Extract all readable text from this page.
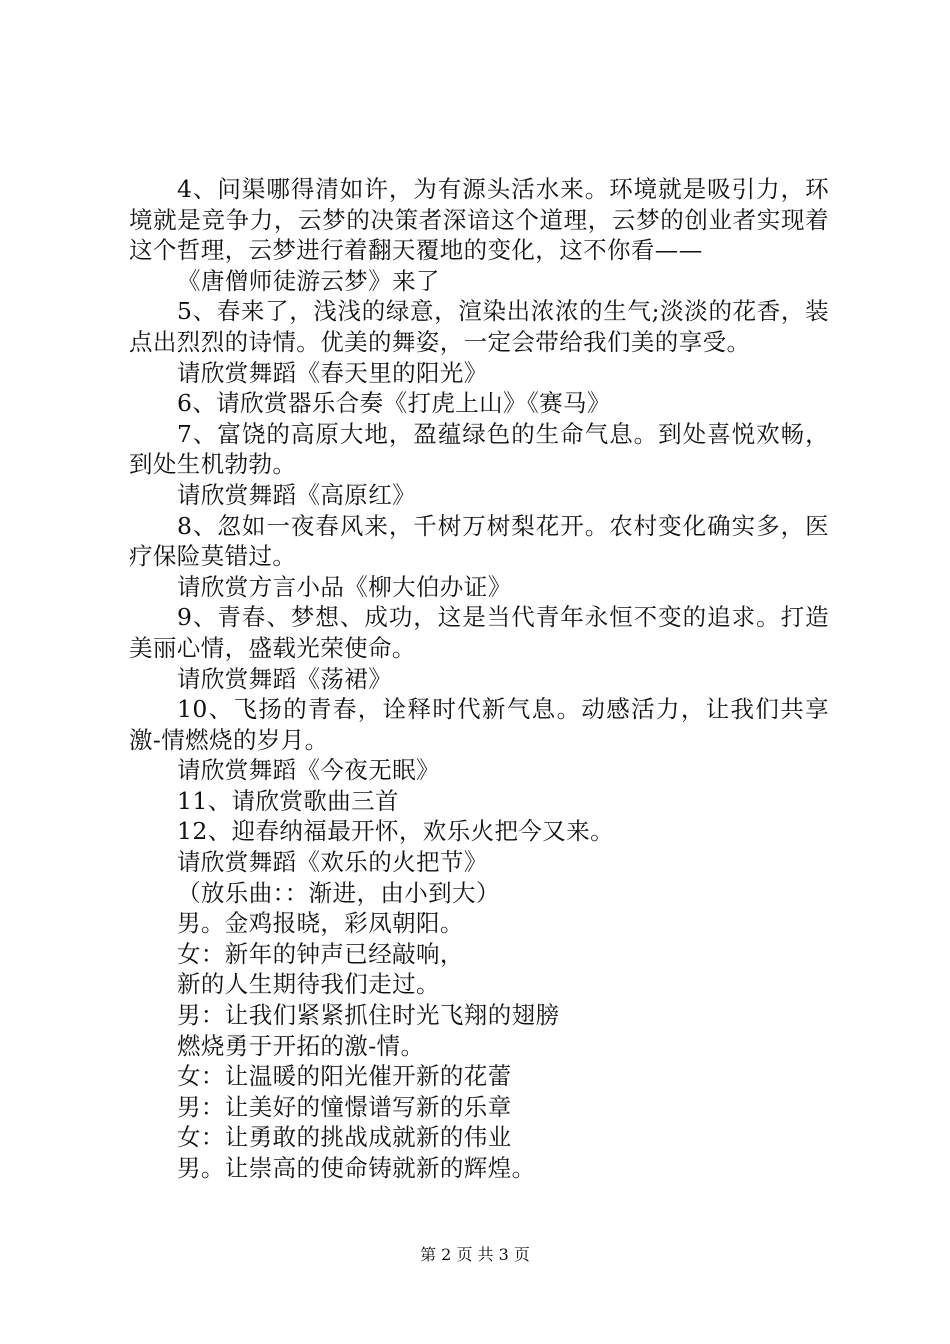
4、问渠哪得清如许，为有源头活水来。环境就是吸引力，环境就是竞争力，云梦的决策者深谙这个道理，云梦的创业者实现着这个哲理，云梦进行着翻天覆地的变化，这不你看——

《唐僧师徒游云梦》来了

5、春来了，浅浅的绿意，渲染出浓浓的生气;淡淡的花香，装点出烈烈的诗情。优美的舞姿，一定会带给我们美的享受。

请欣赏舞蹈《春天里的阳光》

6、请欣赏器乐合奏《打虎上山》《赛马》

7、富饶的高原大地，盈蕴绿色的生命气息。到处喜悦欢畅，到处生机勃勃。

请欣赏舞蹈《高原红》

8、忽如一夜春风来，千树万树梨花开。农村变化确实多，医疗保险莫错过。

请欣赏方言小品《柳大伯办证》

9、青春、梦想、成功，这是当代青年永恒不变的追求。打造美丽心情，盛载光荣使命。

请欣赏舞蹈《荡裙》

10、飞扬的青春，诠释时代新气息。动感活力，让我们共享激-情燃烧的岁月。

请欣赏舞蹈《今夜无眠》

11、请欣赏歌曲三首

12、迎春纳福最开怀，欢乐火把今又来。

请欣赏舞蹈《欢乐的火把节》

（放乐曲：：渐进，由小到大）

男。金鸡报晓，彩凤朝阳。

女：新年的钟声已经敲响，

新的人生期待我们走过。

男：让我们紧紧抓住时光飞翔的翅膀

燃烧勇于开拓的激-情。

女：让温暖的阳光催开新的花蕾

男：让美好的憧憬谱写新的乐章

女：让勇敢的挑战成就新的伟业

男。让崇高的使命铸就新的辉煌。

第 2 页 共 3 页
